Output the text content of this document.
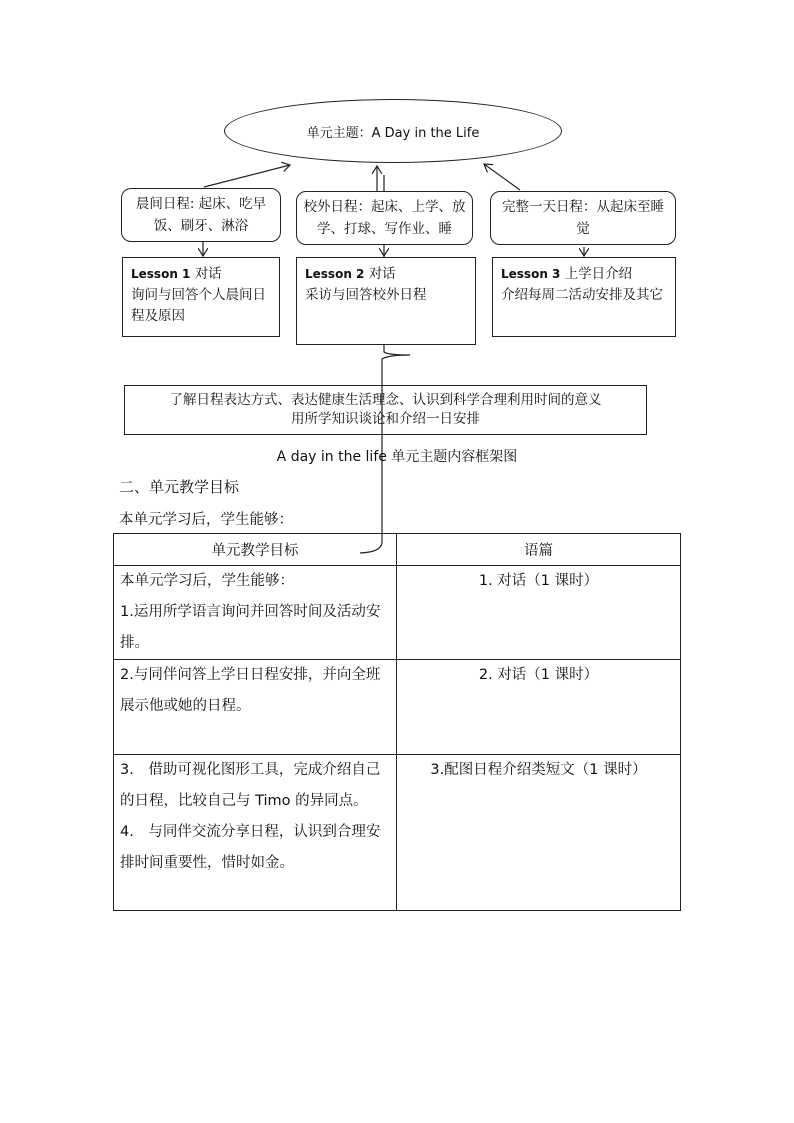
单元主题：A Day in the Life
晨间日程: 起床、吃早饭、刷牙、淋浴
校外日程：起床、上学、放学、打球、写作业、睡
完整一天日程：从起床至睡觉
Lesson 1 对话
询问与回答个人晨间日程及原因
Lesson 2 对话
采访与回答校外日程
Lesson 3 上学日介绍
介绍每周二活动安排及其它
了解日程表达方式、表达健康生活理念、认识到科学合理利用时间的意义
用所学知识谈论和介绍一日安排
A day in the life 单元主题内容框架图
二、单元教学目标
本单元学习后，学生能够：
单元教学目标	语篇

本单元学习后，学生能够：
1.运用所学语言询问并回答时间及活动安排。	1. 对话（1 课时）

2.与同伴问答上学日日程安排，并向全班展示他或她的日程。	2. 对话（1 课时）

3.　借助可视化图形工具，完成介绍自己的日程，比较自己与 Timo 的异同点。
4.　与同伴交流分享日程，认识到合理安排时间重要性，惜时如金。	3.配图日程介绍类短文（1 课时）
